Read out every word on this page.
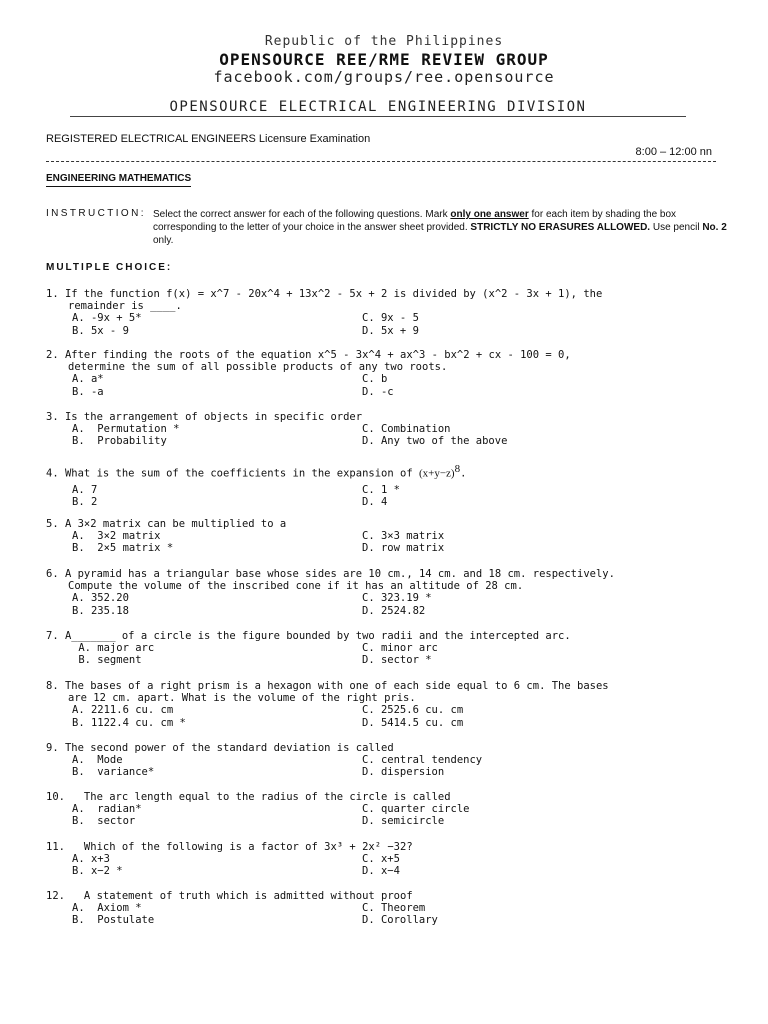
Republic of the Philippines
OPENSOURCE REE/RME REVIEW GROUP
facebook.com/groups/ree.opensource
OPENSOURCE ELECTRICAL ENGINEERING DIVISION
REGISTERED ELECTRICAL ENGINEERS Licensure Examination
8:00 – 12:00 nn
ENGINEERING MATHEMATICS
INSTRUCTION: Select the correct answer for each of the following questions. Mark only one answer for each item by shading the box corresponding to the letter of your choice in the answer sheet provided. STRICTLY NO ERASURES ALLOWED. Use pencil No. 2 only.
MULTIPLE CHOICE:
1. If the function f(x) = x^7 - 20x^4 + 13x^2 - 5x + 2 is divided by (x^2 - 3x + 1), the
remainder is ____.
A. -9x + 5*
B. 5x - 9
C. 9x - 5
D. 5x + 9
2. After finding the roots of the equation x^5 - 3x^4 + ax^3 - bx^2 + cx - 100 = 0,
determine the sum of all possible products of any two roots.
A. a*
B. -a
C. b
D. -c
3. Is the arrangement of objects in specific order
A.  Permutation *
B.  Probability
C. Combination
D. Any two of the above
4. What is the sum of the coefficients in the expansion of $(x+y-z)^8$.
A. 7
B. 2
C. 1 *
D. 4
5. A 3×2 matrix can be multiplied to a
A.  3×2 matrix
B.  2×5 matrix *
C. 3×3 matrix
D. row matrix
6. A pyramid has a triangular base whose sides are 10 cm., 14 cm. and 18 cm. respectively.
Compute the volume of the inscribed cone if it has an altitude of 28 cm.
A. 352.20
B. 235.18
C. 323.19 *
D. 2524.82
7. A_______ of a circle is the figure bounded by two radii and the intercepted arc.
A. major arc
B. segment
C. minor arc
D. sector *
8. The bases of a right prism is a hexagon with one of each side equal to 6 cm. The bases
are 12 cm. apart. What is the volume of the right pris.
A. 2211.6 cu. cm
B. 1122.4 cu. cm *
C. 2525.6 cu. cm
D. 5414.5 cu. cm
9. The second power of the standard deviation is called
A.  Mode
B.  variance*
C. central tendency
D. dispersion
10.   The arc length equal to the radius of the circle is called
A.  radian*
B.  sector
C. quarter circle
D. semicircle
11.   Which of the following is a factor of 3x³ + 2x² −32?
A. x+3
B. x−2 *
C. x+5
D. x−4
12.   A statement of truth which is admitted without proof
A.  Axiom *
B.  Postulate
C. Theorem
D. Corollary
